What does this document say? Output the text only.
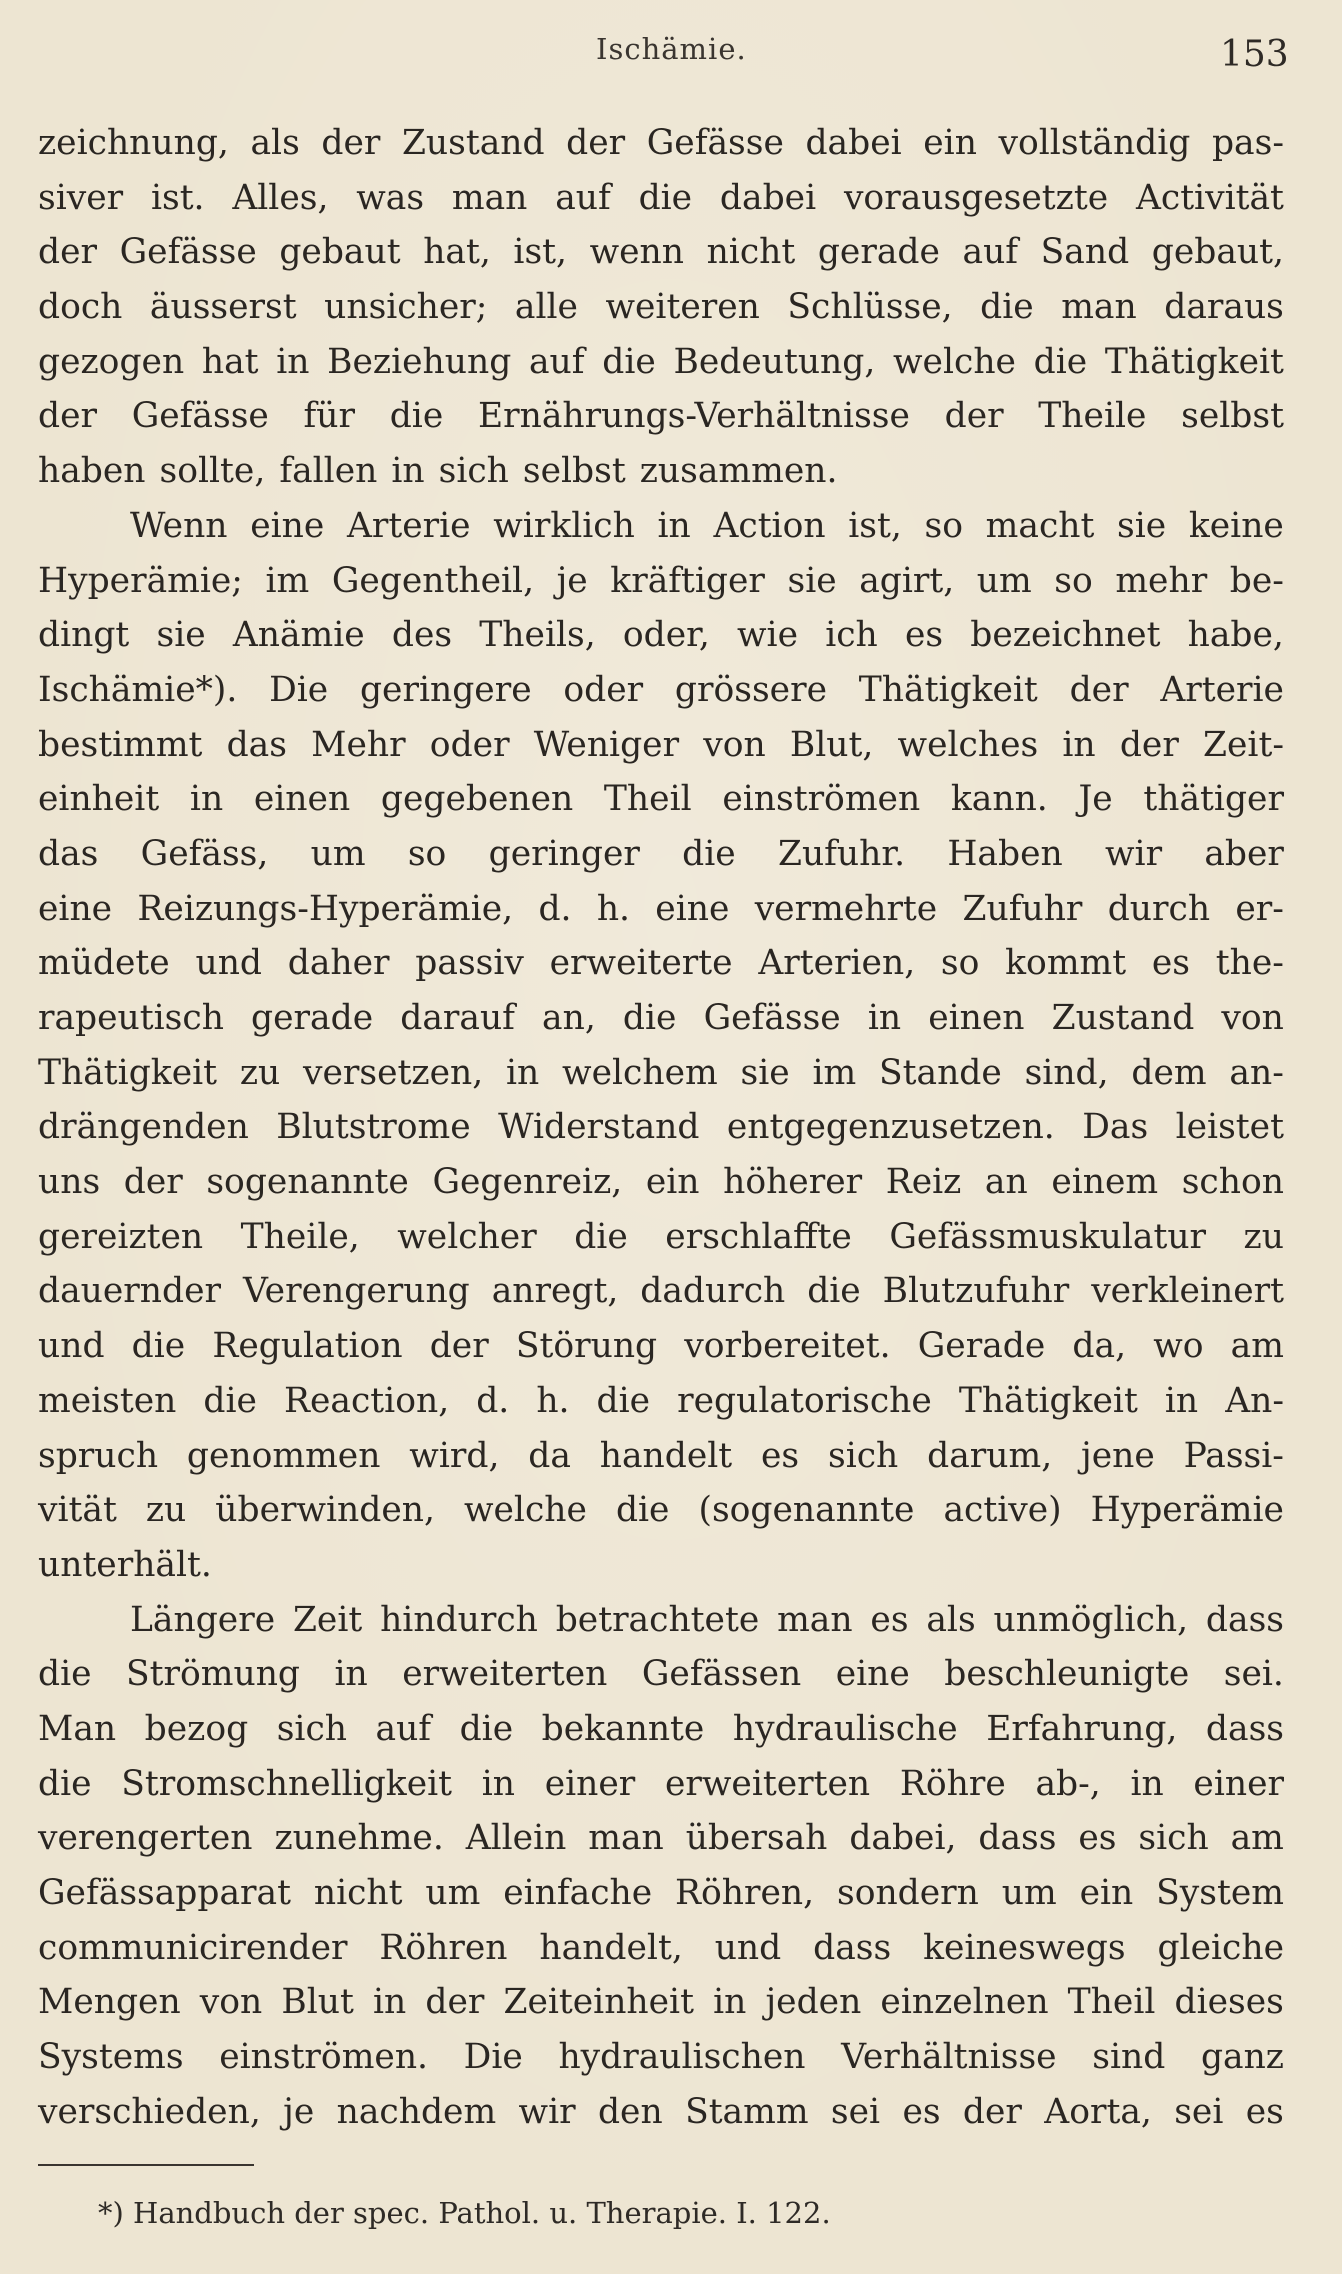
Ischämie.	153
zeichnung, als der Zustand der Gefässe dabei ein vollständig pas-
siver ist. Alles, was man auf die dabei vorausgesetzte Activität
der Gefässe gebaut hat, ist, wenn nicht gerade auf Sand gebaut,
doch äusserst unsicher; alle weiteren Schlüsse, die man daraus
gezogen hat in Beziehung auf die Bedeutung, welche die Thätigkeit
der Gefässe für die Ernährungs-Verhältnisse der Theile selbst
haben sollte, fallen in sich selbst zusammen.
Wenn eine Arterie wirklich in Action ist, so macht sie keine
Hyperämie; im Gegentheil, je kräftiger sie agirt, um so mehr be-
dingt sie Anämie des Theils, oder, wie ich es bezeichnet habe,
Ischämie*). Die geringere oder grössere Thätigkeit der Arterie
bestimmt das Mehr oder Weniger von Blut, welches in der Zeit-
einheit in einen gegebenen Theil einströmen kann. Je thätiger
das Gefäss, um so geringer die Zufuhr. Haben wir aber
eine Reizungs-Hyperämie, d. h. eine vermehrte Zufuhr durch er-
müdete und daher passiv erweiterte Arterien, so kommt es the-
rapeutisch gerade darauf an, die Gefässe in einen Zustand von
Thätigkeit zu versetzen, in welchem sie im Stande sind, dem an-
drängenden Blutstrome Widerstand entgegenzusetzen. Das leistet
uns der sogenannte Gegenreiz, ein höherer Reiz an einem schon
gereizten Theile, welcher die erschlaffte Gefässmuskulatur zu
dauernder Verengerung anregt, dadurch die Blutzufuhr verkleinert
und die Regulation der Störung vorbereitet. Gerade da, wo am
meisten die Reaction, d. h. die regulatorische Thätigkeit in An-
spruch genommen wird, da handelt es sich darum, jene Passi-
vität zu überwinden, welche die (sogenannte active) Hyperämie
unterhält.
Längere Zeit hindurch betrachtete man es als unmöglich, dass
die Strömung in erweiterten Gefässen eine beschleunigte sei.
Man bezog sich auf die bekannte hydraulische Erfahrung, dass
die Stromschnelligkeit in einer erweiterten Röhre ab-, in einer
verengerten zunehme. Allein man übersah dabei, dass es sich am
Gefässapparat nicht um einfache Röhren, sondern um ein System
communicirender Röhren handelt, und dass keineswegs gleiche
Mengen von Blut in der Zeiteinheit in jeden einzelnen Theil dieses
Systems einströmen. Die hydraulischen Verhältnisse sind ganz
verschieden, je nachdem wir den Stamm sei es der Aorta, sei es
*) Handbuch der spec. Pathol. u. Therapie. I. 122.
